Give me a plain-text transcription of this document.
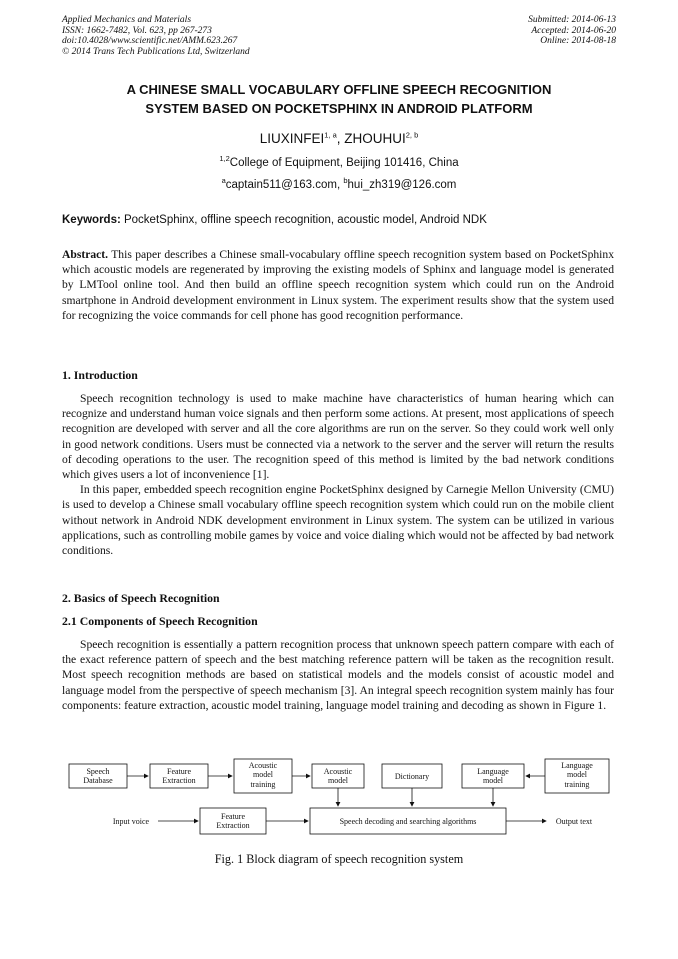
Applied Mechanics and Materials
ISSN: 1662-7482, Vol. 623, pp 267-273
doi:10.4028/www.scientific.net/AMM.623.267
© 2014 Trans Tech Publications Ltd, Switzerland
Submitted: 2014-06-13
Accepted: 2014-06-20
Online: 2014-08-18
A CHINESE SMALL VOCABULARY OFFLINE SPEECH RECOGNITION
SYSTEM BASED ON POCKETSPHINX IN ANDROID PLATFORM
LIUXINFEI$^{1, a}$, ZHOUHUI$^{2, b}$
$^{1,2}$College of Equipment, Beijing 101416, China
$^a$captain511@163.com, $^b$hui_zh319@126.com
Keywords: PocketSphinx, offline speech recognition, acoustic model, Android NDK

Abstract. This paper describes a Chinese small-vocabulary offline speech recognition system based on PocketSphinx which acoustic models are regenerated by improving the existing models of Sphinx and language model is generated by LMTool online tool. And then build an offline speech recognition system which could run on the Android smartphone in Android development environment in Linux system. The experiment results show that the system used for recognizing the voice commands for cell phone has good recognition performance.

1. Introduction

Speech recognition technology is used to make machine have characteristics of human hearing which can recognize and understand human voice signals and then perform some actions. At present, most applications of speech recognition are developed with server and all the core algorithms are run on the server. So they could work well only in good network conditions. Users must be connected via a network to the server and the server will return the results of decoding operations to the user. The recognition speed of this method is limited by the bad network conditions which gives users a lot of inconvenience [1].

In this paper, embedded speech recognition engine PocketSphinx designed by Carnegie Mellon University (CMU) is used to develop a Chinese small vocabulary offline speech recognition system which could run on the mobile client without network in Android NDK development environment in Linux system. The system can be utilized in various applications, such as controlling mobile games by voice and voice dialing which would not be affected by bad network conditions.

2. Basics of Speech Recognition
2.1 Components of Speech Recognition

Speech recognition is essentially a pattern recognition process that unknown speech pattern compare with each of the exact reference pattern of speech and the best matching reference pattern will be taken as the recognition result. Most speech recognition methods are based on statistical models and the models consist of acoustic model and language model from the perspective of speech mechanism [3]. An integral speech recognition system mainly has four components: feature extraction, acoustic model training, language model training and decoding as shown in Figure 1.

Speech
Database
Feature
Extraction
Acoustic
model
training
Acoustic
model	Dictionary
Language
model
Language
model
training
Feature
Extraction	Speech decoding and searching algorithms
Input voice	Output text
Fig. 1 Block diagram of speech recognition system
